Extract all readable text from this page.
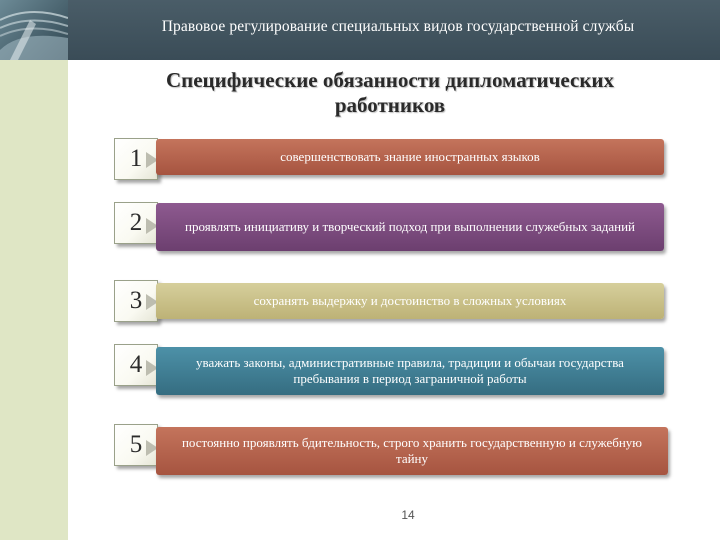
Правовое регулирование специальных видов государственной службы
Специфические обязанности дипломатических работников
1	совершенствовать знание иностранных языков
2	проявлять инициативу и творческий подход при выполнении служебных заданий
3	сохранять выдержку и достоинство в сложных условиях
4	уважать законы, административные правила, традиции и обычаи государства пребывания в период заграничной работы
5	постоянно проявлять бдительность, строго хранить государственную и служебную тайну
14
